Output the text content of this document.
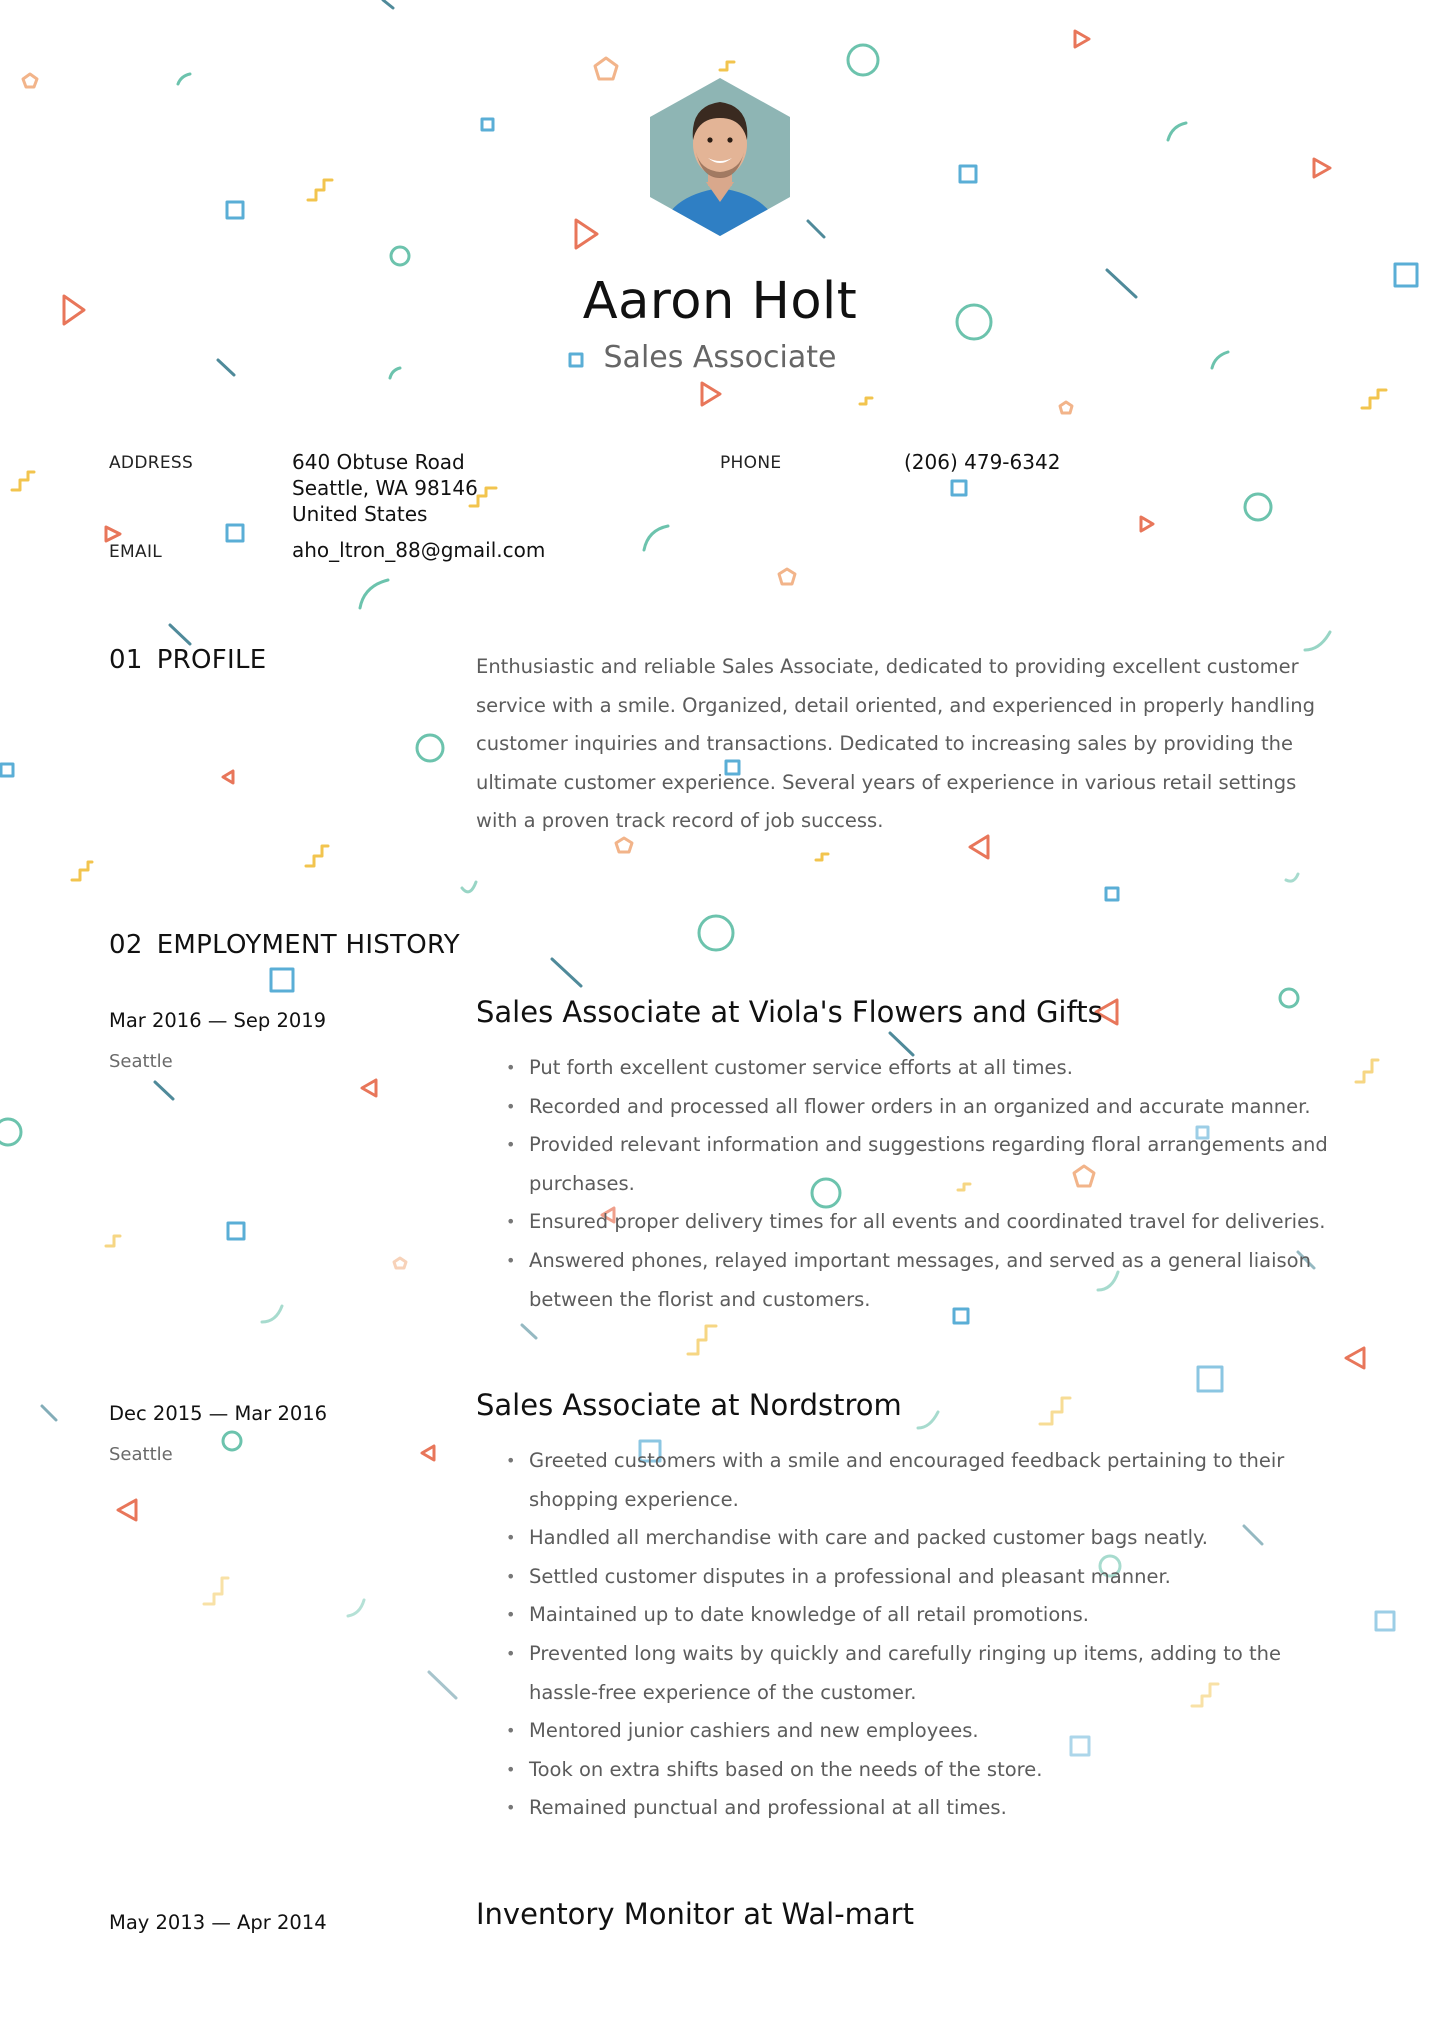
Aaron Holt
Sales Associate
ADDRESS	640 Obtuse Road
Seattle, WA 98146
United States
PHONE	(206) 479-6342
EMAIL	aho_ltron_88@gmail.com
01 PROFILE	Enthusiastic and reliable Sales Associate, dedicated to providing excellent customer service with a smile. Organized, detail oriented, and experienced in properly handling customer inquiries and transactions. Dedicated to increasing sales by providing the ultimate customer experience. Several years of experience in various retail settings with a proven track record of job success.
02 EMPLOYMENT HISTORY
Mar 2016 — Sep 2019
Seattle
Sales Associate at Viola's Flowers and Gifts
• Put forth excellent customer service efforts at all times.
• Recorded and processed all flower orders in an organized and accurate manner.
• Provided relevant information and suggestions regarding floral arrangements and purchases.
• Ensured proper delivery times for all events and coordinated travel for deliveries.
• Answered phones, relayed important messages, and served as a general liaison between the florist and customers.
Dec 2015 — Mar 2016
Seattle
Sales Associate at Nordstrom
• Greeted customers with a smile and encouraged feedback pertaining to their shopping experience.
• Handled all merchandise with care and packed customer bags neatly.
• Settled customer disputes in a professional and pleasant manner.
• Maintained up to date knowledge of all retail promotions.
• Prevented long waits by quickly and carefully ringing up items, adding to the hassle-free experience of the customer.
• Mentored junior cashiers and new employees.
• Took on extra shifts based on the needs of the store.
• Remained punctual and professional at all times.
May 2013 — Apr 2014	Inventory Monitor at Wal-mart
